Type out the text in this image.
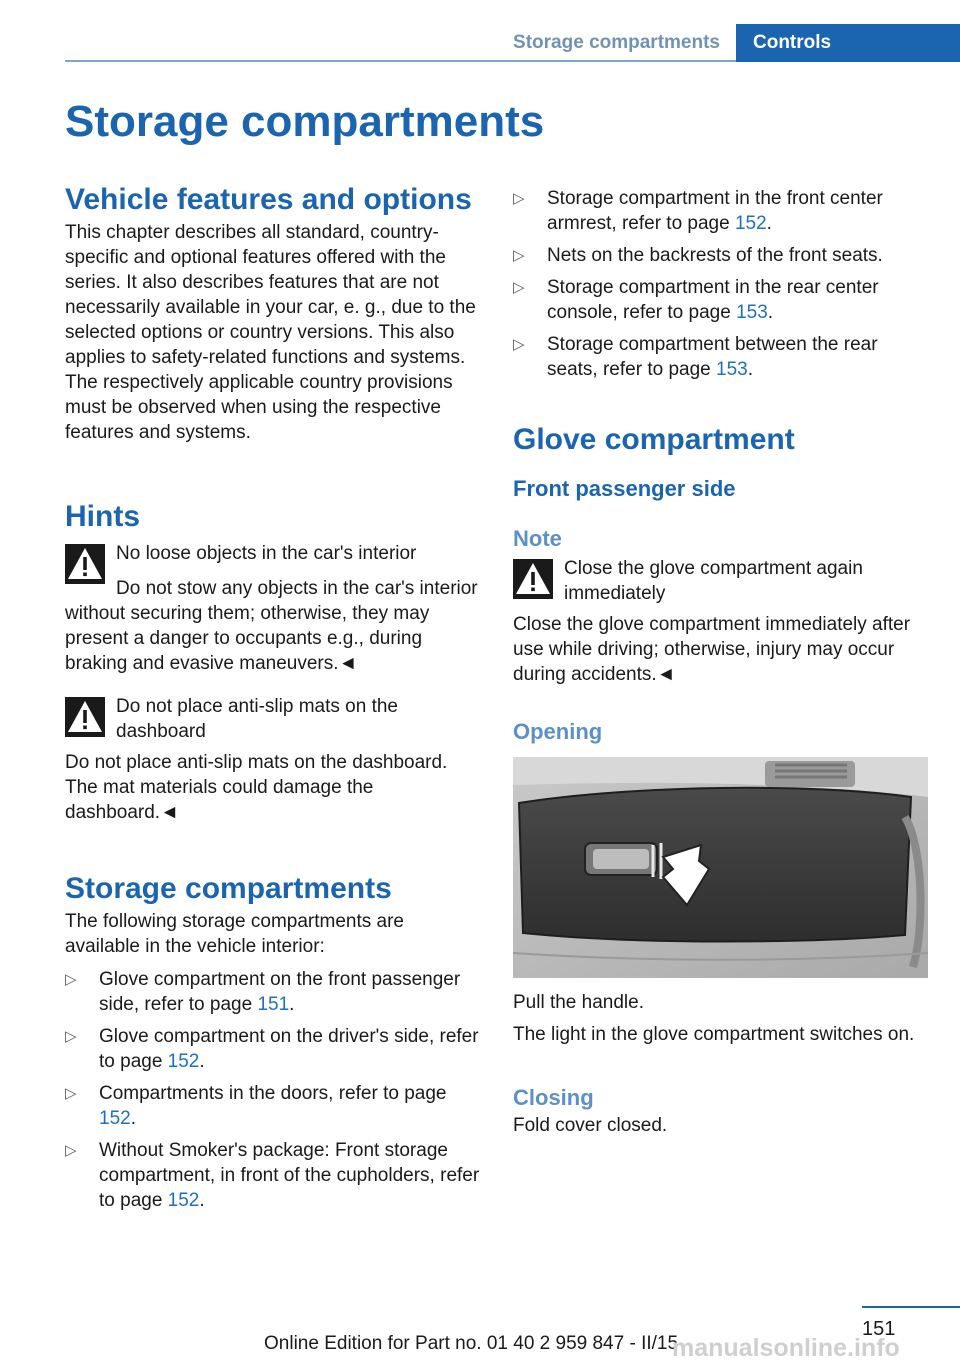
Storage compartments	Controls
Storage compartments
Vehicle features and options

This chapter describes all standard, country-specific and optional features offered with the series. It also describes features that are not necessarily available in your car, e. g., due to the selected options or country versions. This also applies to safety-related functions and systems. The respectively applicable country provisions must be observed when using the respective features and systems.

Hints
No loose objects in the car's interior

Do not stow any objects in the car's interior without securing them; otherwise, they may present a danger to occupants e.g., during braking and evasive maneuvers.◄

Do not place anti-slip mats on the dashboard

Do not place anti-slip mats on the dashboard. The mat materials could damage the dashboard.◄

Storage compartments

The following storage compartments are available in the vehicle interior:

▷ Glove compartment on the front passenger side, refer to page 151.
▷ Glove compartment on the driver's side, refer to page 152.
▷ Compartments in the doors, refer to page 152.
▷ Without Smoker's package: Front storage compartment, in front of the cupholders, refer to page 152.
▷ Storage compartment in the front center armrest, refer to page 152.
▷ Nets on the backrests of the front seats.
▷ Storage compartment in the rear center console, refer to page 153.
▷ Storage compartment between the rear seats, refer to page 153.
Glove compartment
Front passenger side
Note
Close the glove compartment again immediately

Close the glove compartment immediately after use while driving; otherwise, injury may occur during accidents.◄

Opening

Pull the handle.

The light in the glove compartment switches on.

Closing

Fold cover closed.

151
Online Edition for Part no. 01 40 2 959 847 - II/15
manualsonline.info
